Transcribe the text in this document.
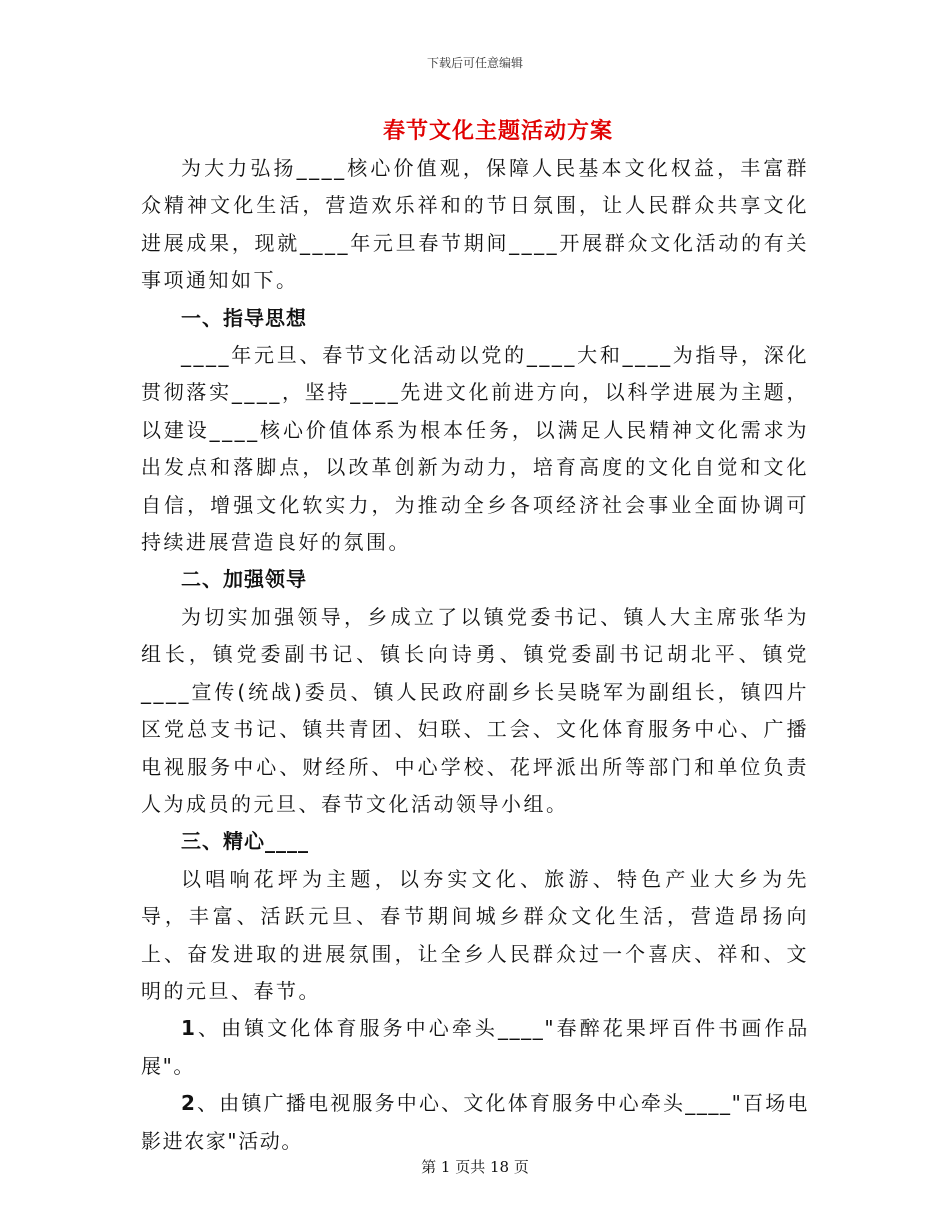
下载后可任意编辑
春节文化主题活动方案

为大力弘扬____核心价值观，保障人民基本文化权益，丰富群众精神文化生活，营造欢乐祥和的节日氛围，让人民群众共享文化进展成果，现就____年元旦春节期间____开展群众文化活动的有关事项通知如下。

一、指导思想

____年元旦、春节文化活动以党的____大和____为指导，深化贯彻落实____，坚持____先进文化前进方向，以科学进展为主题，以建设____核心价值体系为根本任务，以满足人民精神文化需求为出发点和落脚点，以改革创新为动力，培育高度的文化自觉和文化自信，增强文化软实力，为推动全乡各项经济社会事业全面协调可持续进展营造良好的氛围。

二、加强领导

为切实加强领导，乡成立了以镇党委书记、镇人大主席张华为组长，镇党委副书记、镇长向诗勇、镇党委副书记胡北平、镇党____宣传(统战)委员、镇人民政府副乡长吴晓军为副组长，镇四片区党总支书记、镇共青团、妇联、工会、文化体育服务中心、广播电视服务中心、财经所、中心学校、花坪派出所等部门和单位负责人为成员的元旦、春节文化活动领导小组。

三、精心____

以唱响花坪为主题，以夯实文化、旅游、特色产业大乡为先导，丰富、活跃元旦、春节期间城乡群众文化生活，营造昂扬向上、奋发进取的进展氛围，让全乡人民群众过一个喜庆、祥和、文明的元旦、春节。

1、由镇文化体育服务中心牵头____"春醉花果坪百件书画作品展"。

2、由镇广播电视服务中心、文化体育服务中心牵头____"百场电影进农家"活动。

第 1 页共 18 页
